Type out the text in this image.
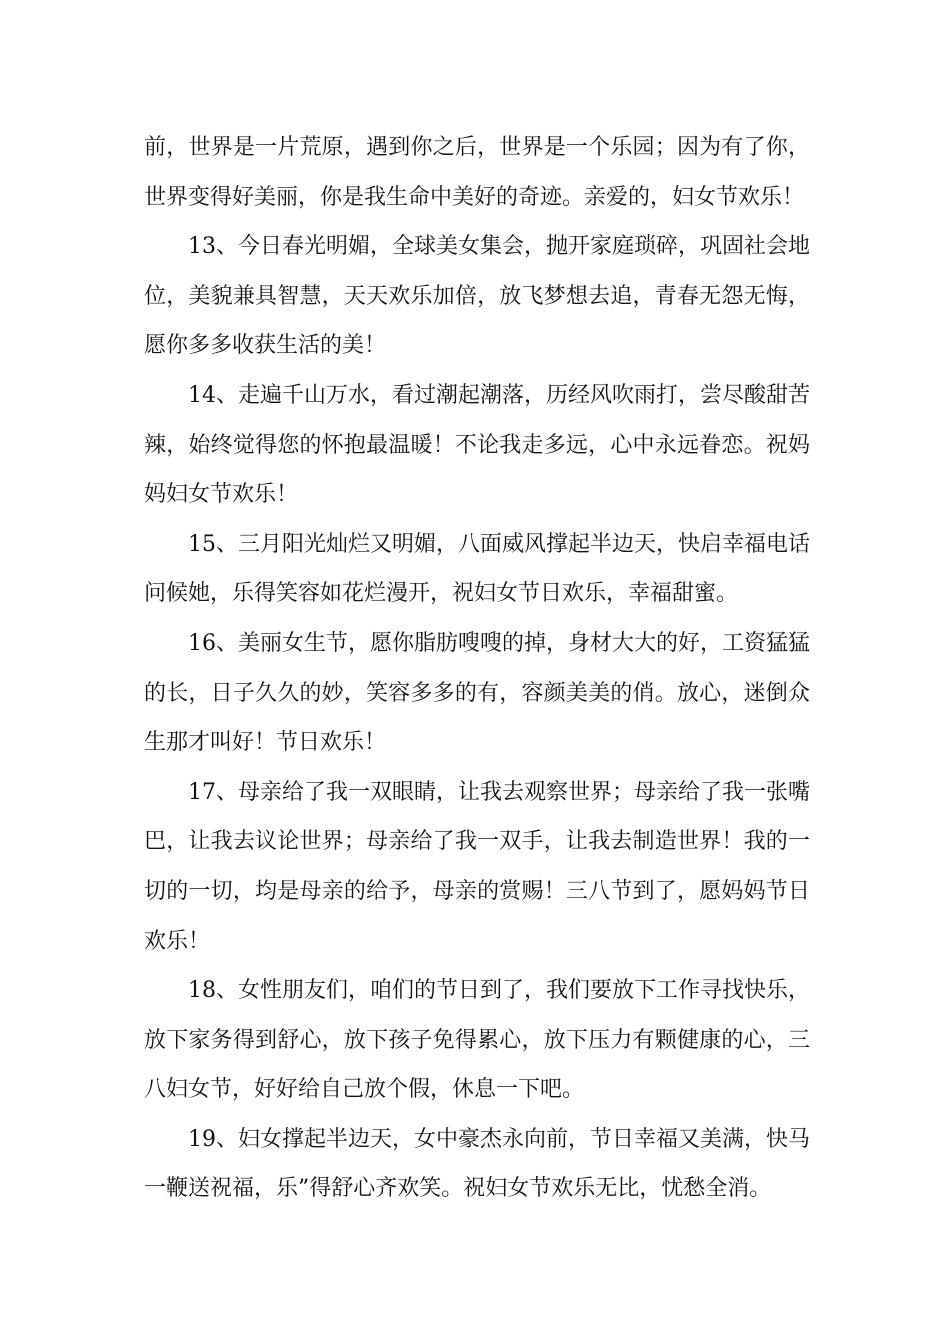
前，世界是一片荒原，遇到你之后，世界是一个乐园；因为有了你，世界变得好美丽，你是我生命中美好的奇迹。亲爱的，妇女节欢乐！

13、今日春光明媚，全球美女集会，抛开家庭琐碎，巩固社会地位，美貌兼具智慧，天天欢乐加倍，放飞梦想去追，青春无怨无悔，愿你多多收获生活的美！

14、走遍千山万水，看过潮起潮落，历经风吹雨打，尝尽酸甜苦辣，始终觉得您的怀抱最温暖！不论我走多远，心中永远眷恋。祝妈妈妇女节欢乐！

15、三月阳光灿烂又明媚，八面威风撑起半边天，快启幸福电话问候她，乐得笑容如花烂漫开，祝妇女节日欢乐，幸福甜蜜。

16、美丽女生节，愿你脂肪嗖嗖的掉，身材大大的好，工资猛猛的长，日子久久的妙，笑容多多的有，容颜美美的俏。放心，迷倒众生那才叫好！节日欢乐！

17、母亲给了我一双眼睛，让我去观察世界；母亲给了我一张嘴巴，让我去议论世界；母亲给了我一双手，让我去制造世界！我的一切的一切，均是母亲的给予，母亲的赏赐！三八节到了，愿妈妈节日欢乐！

18、女性朋友们，咱们的节日到了，我们要放下工作寻找快乐，放下家务得到舒心，放下孩子免得累心，放下压力有颗健康的心，三八妇女节，好好给自己放个假，休息一下吧。

19、妇女撑起半边天，女中豪杰永向前，节日幸福又美满，快马一鞭送祝福，乐”得舒心齐欢笑。祝妇女节欢乐无比，忧愁全消。
